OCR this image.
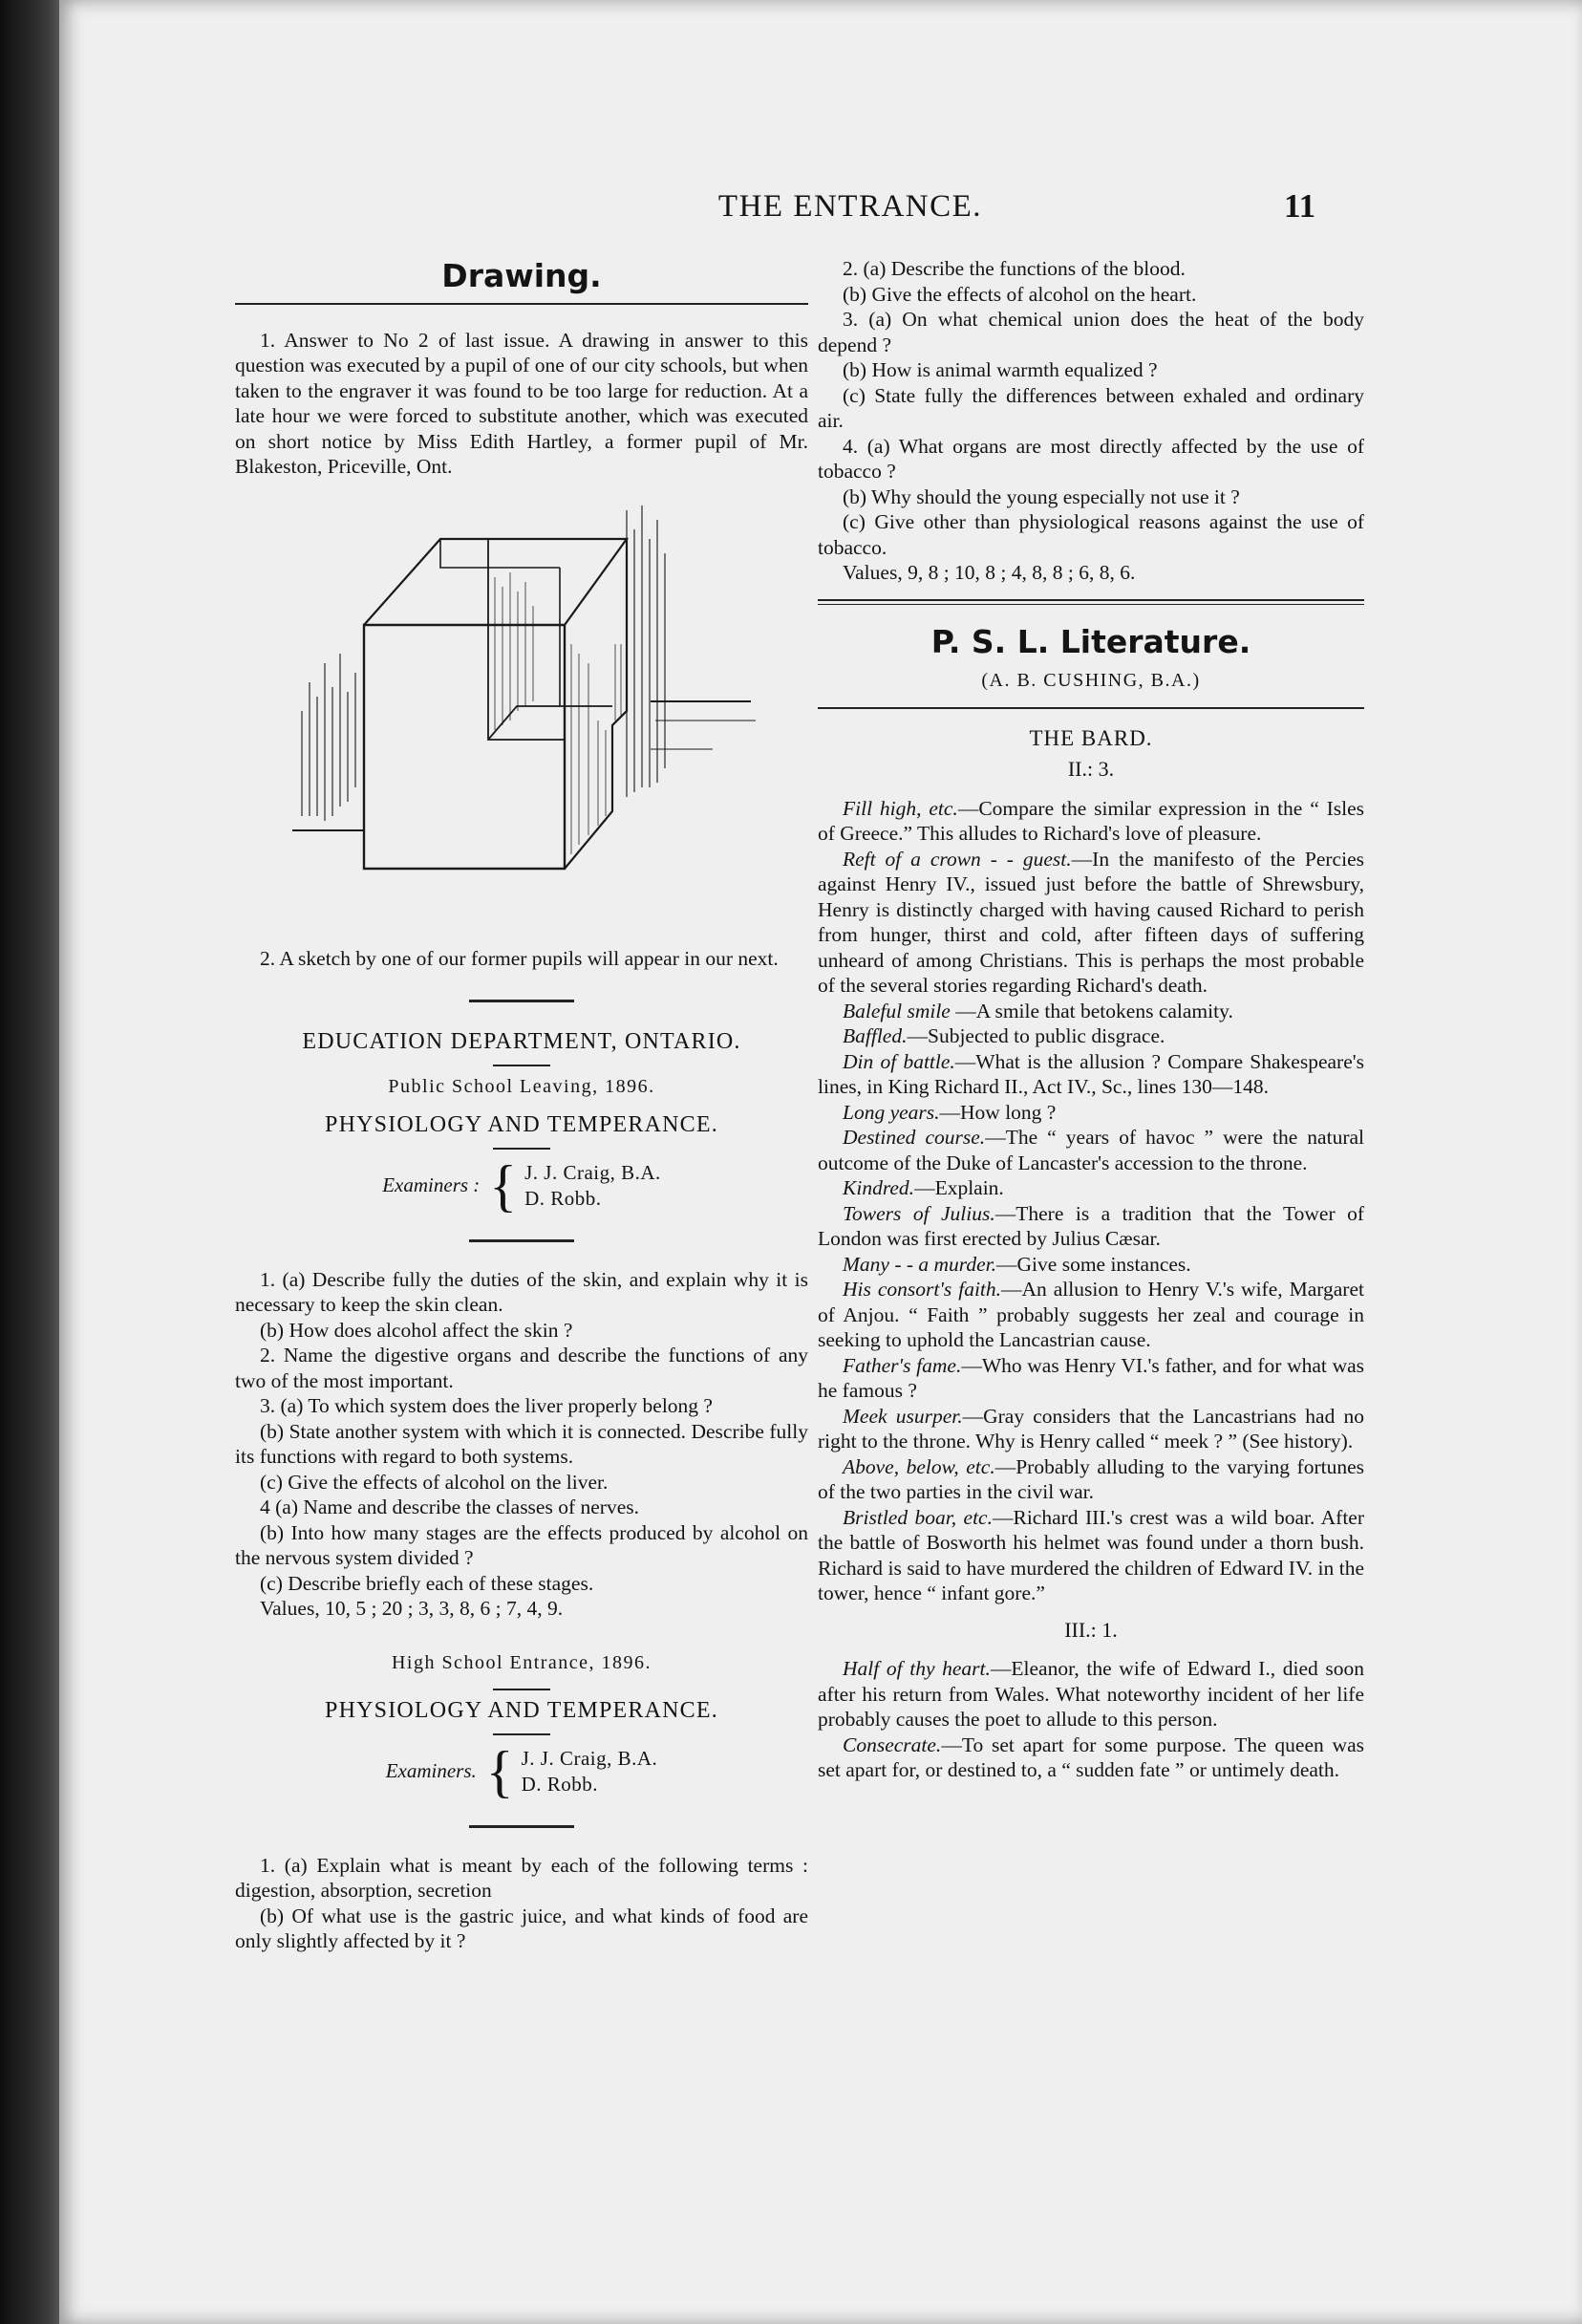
THE ENTRANCE.	11
Drawing.

1. Answer to No 2 of last issue. A drawing in answer to this question was executed by a pupil of one of our city schools, but when taken to the engraver it was found to be too large for reduction. At a late hour we were forced to substitute another, which was executed on short notice by Miss Edith Hartley, a former pupil of Mr. Blakeston, Priceville, Ont.

2. A sketch by one of our former pupils will appear in our next.

EDUCATION DEPARTMENT, ONTARIO.
Public School Leaving, 1896.
PHYSIOLOGY AND TEMPERANCE.
Examiners : { J. J. Craig, B.A.
D. Robb.

1. (a) Describe fully the duties of the skin, and explain why it is necessary to keep the skin clean.

(b) How does alcohol affect the skin ?

2. Name the digestive organs and describe the functions of any two of the most important.

3. (a) To which system does the liver properly belong ?

(b) State another system with which it is connected. Describe fully its functions with regard to both systems.

(c) Give the effects of alcohol on the liver.

4 (a) Name and describe the classes of nerves.

(b) Into how many stages are the effects produced by alcohol on the nervous system divided ?

(c) Describe briefly each of these stages.

Values, 10, 5 ; 20 ; 3, 3, 8, 6 ; 7, 4, 9.

High School Entrance, 1896.
PHYSIOLOGY AND TEMPERANCE.
Examiners. { J. J. Craig, B.A.
D. Robb.

1. (a) Explain what is meant by each of the following terms : digestion, absorption, secretion

(b) Of what use is the gastric juice, and what kinds of food are only slightly affected by it ?

2. (a) Describe the functions of the blood.

(b) Give the effects of alcohol on the heart.

3. (a) On what chemical union does the heat of the body depend ?

(b) How is animal warmth equalized ?

(c) State fully the differences between exhaled and ordinary air.

4. (a) What organs are most directly affected by the use of tobacco ?

(b) Why should the young especially not use it ?

(c) Give other than physiological reasons against the use of tobacco.

Values, 9, 8 ; 10, 8 ; 4, 8, 8 ; 6, 8, 6.

P. S. L. Literature.
(A. B. CUSHING, B.A.)
THE BARD.
II.: 3.

Fill high, etc.—Compare the similar expression in the “ Isles of Greece.” This alludes to Richard's love of pleasure.

Reft of a crown - - guest.—In the manifesto of the Percies against Henry IV., issued just before the battle of Shrewsbury, Henry is distinctly charged with having caused Richard to perish from hunger, thirst and cold, after fifteen days of suffering unheard of among Christians. This is perhaps the most probable of the several stories regarding Richard's death.

Baleful smile —A smile that betokens calamity.

Baffled.—Subjected to public disgrace.

Din of battle.—What is the allusion ? Compare Shakespeare's lines, in King Richard II., Act IV., Sc., lines 130—148.

Long years.—How long ?

Destined course.—The “ years of havoc ” were the natural outcome of the Duke of Lancaster's accession to the throne.

Kindred.—Explain.

Towers of Julius.—There is a tradition that the Tower of London was first erected by Julius Cæsar.

Many - - a murder.—Give some instances.

His consort's faith.—An allusion to Henry V.'s wife, Margaret of Anjou. “ Faith ” probably suggests her zeal and courage in seeking to uphold the Lancastrian cause.

Father's fame.—Who was Henry VI.'s father, and for what was he famous ?

Meek usurper.—Gray considers that the Lancastrians had no right to the throne. Why is Henry called “ meek ? ” (See history).

Above, below, etc.—Probably alluding to the varying fortunes of the two parties in the civil war.

Bristled boar, etc.—Richard III.'s crest was a wild boar. After the battle of Bosworth his helmet was found under a thorn bush. Richard is said to have murdered the children of Edward IV. in the tower, hence “ infant gore.”

III.: 1.

Half of thy heart.—Eleanor, the wife of Edward I., died soon after his return from Wales. What noteworthy incident of her life probably causes the poet to allude to this person.

Consecrate.—To set apart for some purpose. The queen was set apart for, or destined to, a “ sudden fate ” or untimely death.
